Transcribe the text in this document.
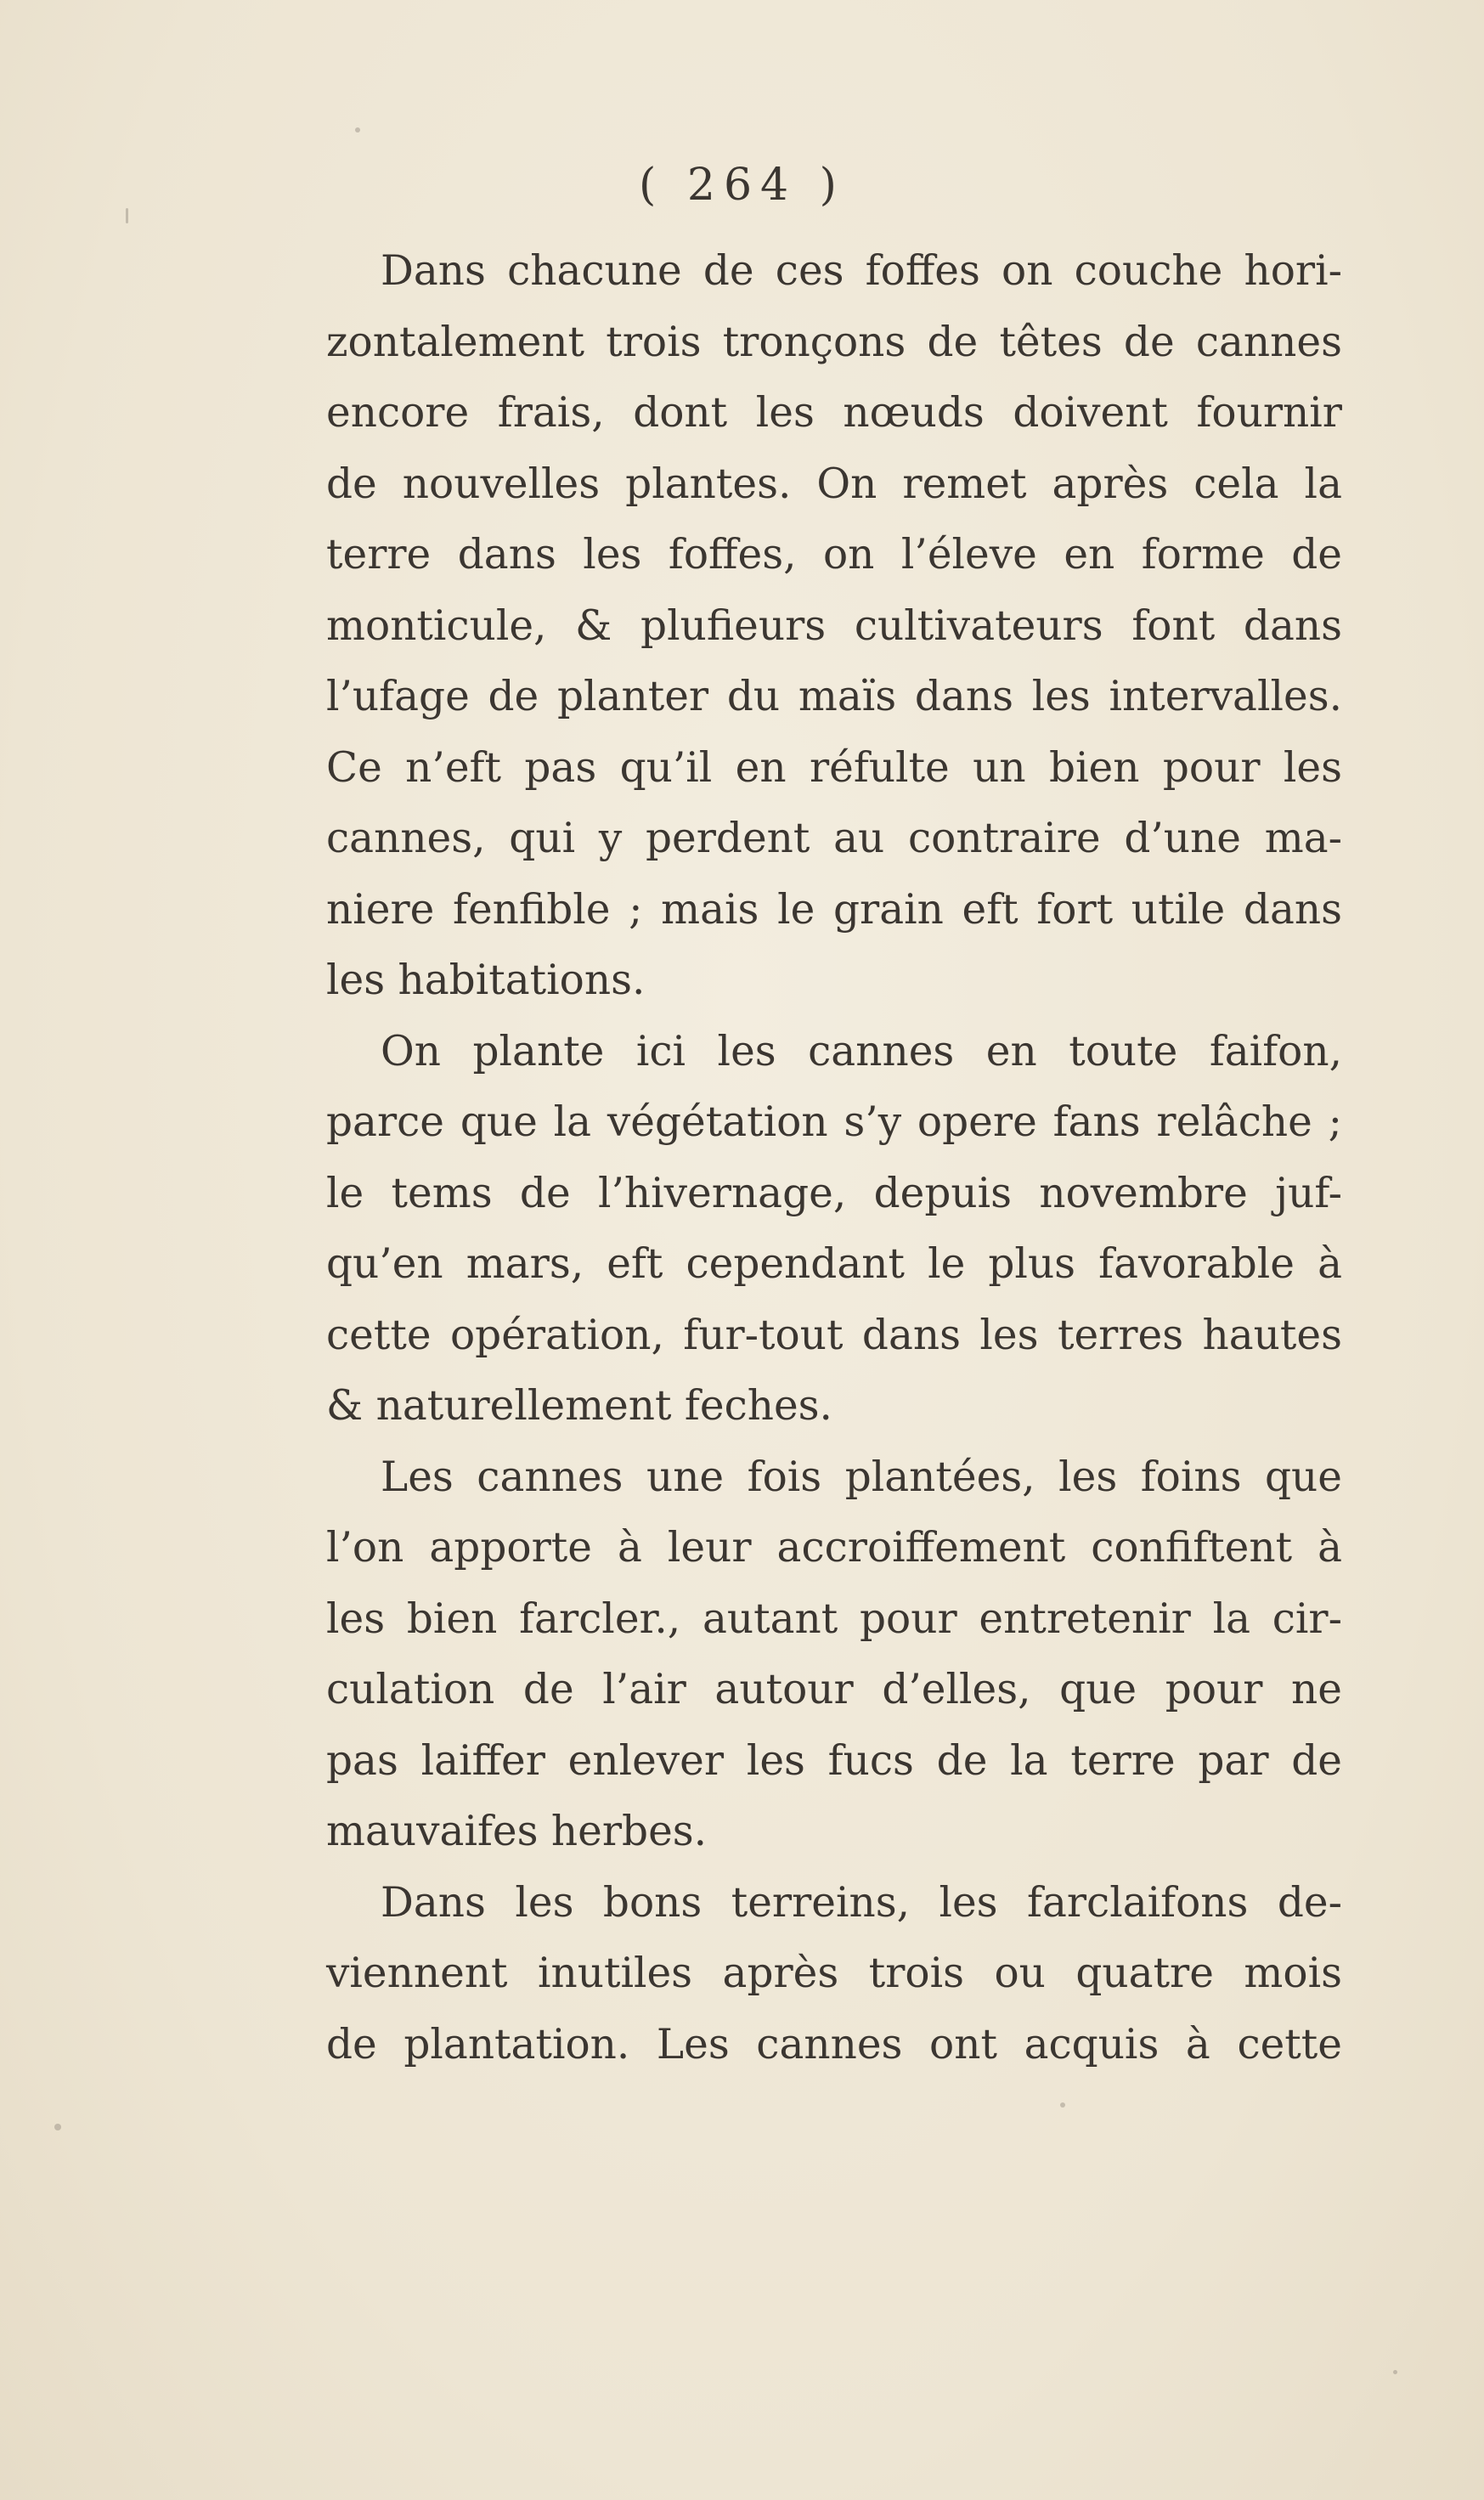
( 264 )
Dans chacune de ces foffes on couche hori-
zontalement trois tronçons de têtes de cannes
encore frais, dont les nœuds doivent fournir
de nouvelles plantes. On remet après cela la
terre dans les foffes, on l’éleve en forme de
monticule, & plufieurs cultivateurs font dans
l’ufage de planter du maïs dans les intervalles.
Ce n’eft pas qu’il en réfulte un bien pour les
cannes, qui y perdent au contraire d’une ma-
niere fenfible ; mais le grain eft fort utile dans
les habitations.
On plante ici les cannes en toute faifon,
parce que la végétation s’y opere fans relâche ;
le tems de l’hivernage, depuis novembre juf-
qu’en mars, eft cependant le plus favorable à
cette opération, fur-tout dans les terres hautes
& naturellement feches.
Les cannes une fois plantées, les foins que
l’on apporte à leur accroiffement confiftent à
les bien farcler., autant pour entretenir la cir-
culation de l’air autour d’elles, que pour ne
pas laiffer enlever les fucs de la terre par de
mauvaifes herbes.
Dans les bons terreins, les farclaifons de-
viennent inutiles après trois ou quatre mois
de plantation. Les cannes ont acquis à cette
